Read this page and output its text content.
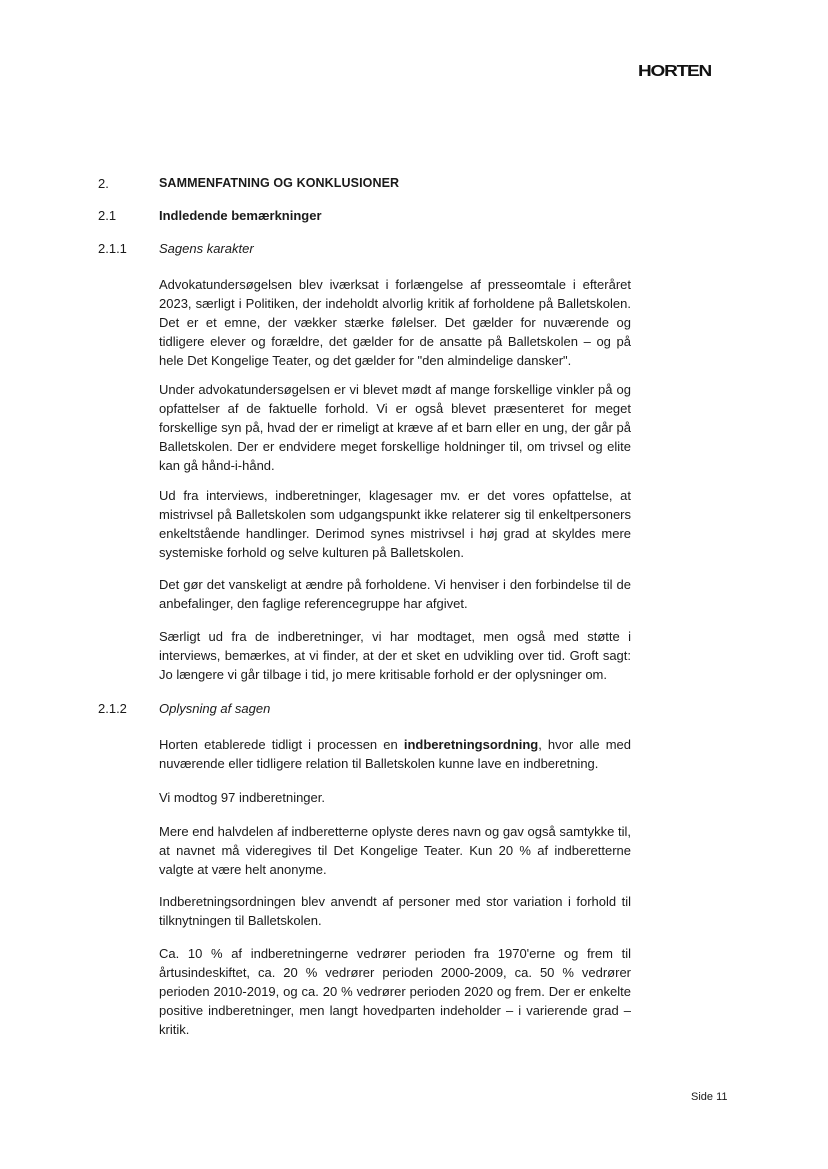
HORTEN
2.	SAMMENFATNING OG KONKLUSIONER
2.1	Indledende bemærkninger
2.1.1 Sagens karakter

Advokatundersøgelsen blev iværksat i forlængelse af presseomtale i efteråret 2023, særligt i Politiken, der indeholdt alvorlig kritik af forholdene på Balletskolen. Det er et emne, der vækker stærke følelser. Det gælder for nuværende og tidligere elever og forældre, det gælder for de ansatte på Balletskolen – og på hele Det Kongelige Teater, og det gælder for "den almindelige dansker".

Under advokatundersøgelsen er vi blevet mødt af mange forskellige vinkler på og opfattelser af de faktuelle forhold. Vi er også blevet præsenteret for meget forskellige syn på, hvad der er rimeligt at kræve af et barn eller en ung, der går på Balletskolen. Der er endvidere meget forskellige holdninger til, om trivsel og elite kan gå hånd-i-hånd.

Ud fra interviews, indberetninger, klagesager mv. er det vores opfattelse, at mistrivsel på Balletskolen som udgangspunkt ikke relaterer sig til enkeltpersoners enkeltstående handlinger. Derimod synes mistrivsel i høj grad at skyldes mere systemiske forhold og selve kulturen på Balletskolen.

Det gør det vanskeligt at ændre på forholdene. Vi henviser i den forbindelse til de anbefalinger, den faglige referencegruppe har afgivet.

Særligt ud fra de indberetninger, vi har modtaget, men også med støtte i interviews, bemærkes, at vi finder, at der et sket en udvikling over tid. Groft sagt: Jo længere vi går tilbage i tid, jo mere kritisable forhold er der oplysninger om.

2.1.2 Oplysning af sagen

Horten etablerede tidligt i processen en indberetningsordning, hvor alle med nuværende eller tidligere relation til Balletskolen kunne lave en indberetning.

Vi modtog 97 indberetninger.

Mere end halvdelen af indberetterne oplyste deres navn og gav også samtykke til, at navnet må videregives til Det Kongelige Teater. Kun 20 % af indberetterne valgte at være helt anonyme.

Indberetningsordningen blev anvendt af personer med stor variation i forhold til tilknytningen til Balletskolen.

Ca. 10 % af indberetningerne vedrører perioden fra 1970'erne og frem til årtusindeskiftet, ca. 20 % vedrører perioden 2000-2009, ca. 50 % vedrører perioden 2010-2019, og ca. 20 % vedrører perioden 2020 og frem. Der er enkelte positive indberetninger, men langt hovedparten indeholder – i varierende grad – kritik.

Side 11
